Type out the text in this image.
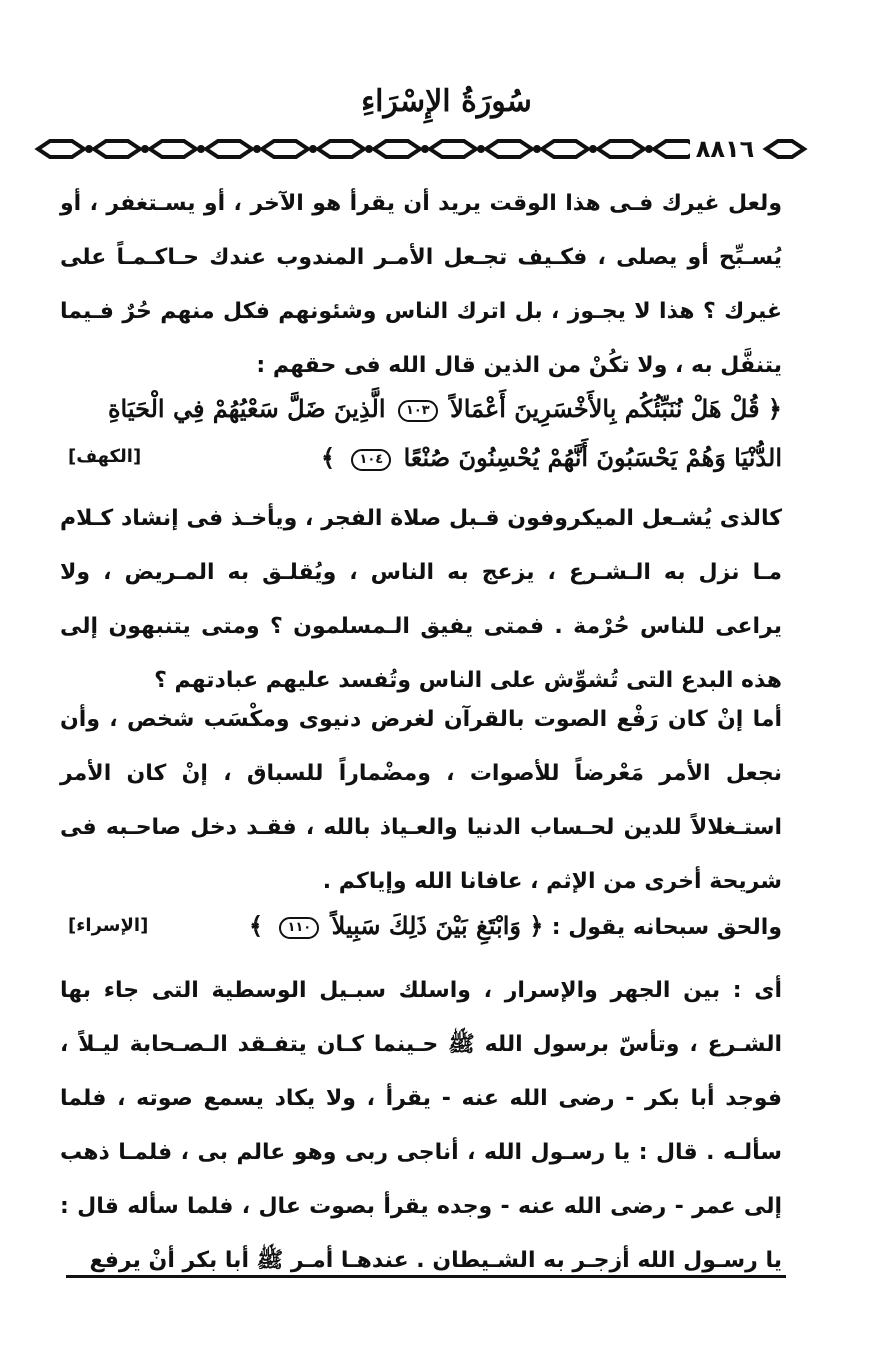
سُورَةُ الإِسْرَاءِ
٨٨١٦

ولعل غيرك فـى هذا الوقت يريد أن يقرأ هو الآخر ، أو يسـتغفر ، أو يُسـبِّح أو يصلى ، فكـيف تجـعل الأمـر المندوب عندك حـاكـمـاً على غيرك ؟ هذا لا يجـوز ، بل اترك الناس وشئونهم فكل منهم حُرٌ فـيما يتنفَّل به ، ولا تكُنْ من الذين قال الله فى حقهم :

﴿ قُلْ هَلْ نُنَبِّئُكُم بِالأَخْسَرِينَ أَعْمَالاً ١٠٣ الَّذِينَ ضَلَّ سَعْيُهُمْ فِي الْحَيَاةِ
الدُّنْيَا وَهُمْ يَحْسَبُونَ أَنَّهُمْ يُحْسِنُونَ صُنْعًا ١٠٤ ﴾
[الكهف]

كالذى يُشـعل الميكروفون قـبل صلاة الفجر ، ويأخـذ فى إنشاد كـلام مـا نزل به الـشـرع ، يزعج به الناس ، ويُقلـق به المـريض ، ولا يراعى للناس حُرْمة . فمتى يفيق الـمسلمون ؟ ومتى يتنبهون إلى هذه البدع التى تُشوِّش على الناس وتُفسد عليهم عبادتهم ؟

أما إنْ كان رَفْع الصوت بالقرآن لغرض دنيوى ومكْسَب شخص ، وأن نجعل الأمر مَعْرضاً للأصوات ، ومضْماراً للسباق ، إنْ كان الأمر استـغلالاً للدين لحـساب الدنيا والعـياذ بالله ، فقـد دخل صاحـبه فى شريحة أخرى من الإثم ، عافانا الله وإياكم .

والحق سبحانه يقول : ﴿ وَابْتَغِ بَيْنَ ذَلِكَ سَبِيلاً ١١٠ ﴾
[الإسراء]

أى : بين الجهر والإسرار ، واسلك سبـيل الوسطية التى جاء بها الشـرع ، وتأسّ برسول الله ﷺ حـينما كـان يتفـقد الـصـحابة ليـلاً ، فوجد أبا بكر - رضى الله عنه - يقرأ ، ولا يكاد يسمع صوته ، فلما سألـه . قال : يا رسـول الله ، أناجى ربى وهو عالم بى ، فلمـا ذهب إلى عمر - رضى الله عنه - وجده يقرأ بصوت عال ، فلما سأله قال : يا رسـول الله أزجـر به الشـيطان . عندهـا أمـر ﷺ أبا بكر أنْ يرفع
